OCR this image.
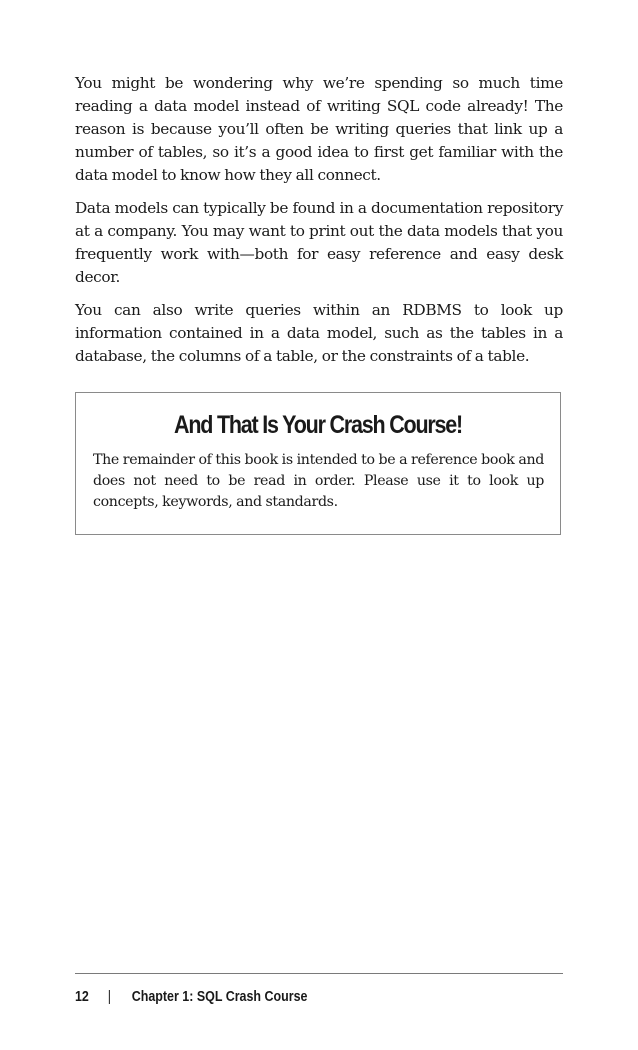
You might be wondering why we’re spending so much time reading a data model instead of writing SQL code already! The reason is because you’ll often be writing queries that link up a number of tables, so it’s a good idea to first get familiar with the data model to know how they all connect.

Data models can typically be found in a documentation repository at a company. You may want to print out the data models that you frequently work with—both for easy reference and easy desk decor.

You can also write queries within an RDBMS to look up information contained in a data model, such as the tables in a database, the columns of a table, or the constraints of a table.

And That Is Your Crash Course!
The remainder of this book is intended to be a reference book and does not need to be read in order. Please use it to look up concepts, keywords, and standards.
12 | Chapter 1: SQL Crash Course
